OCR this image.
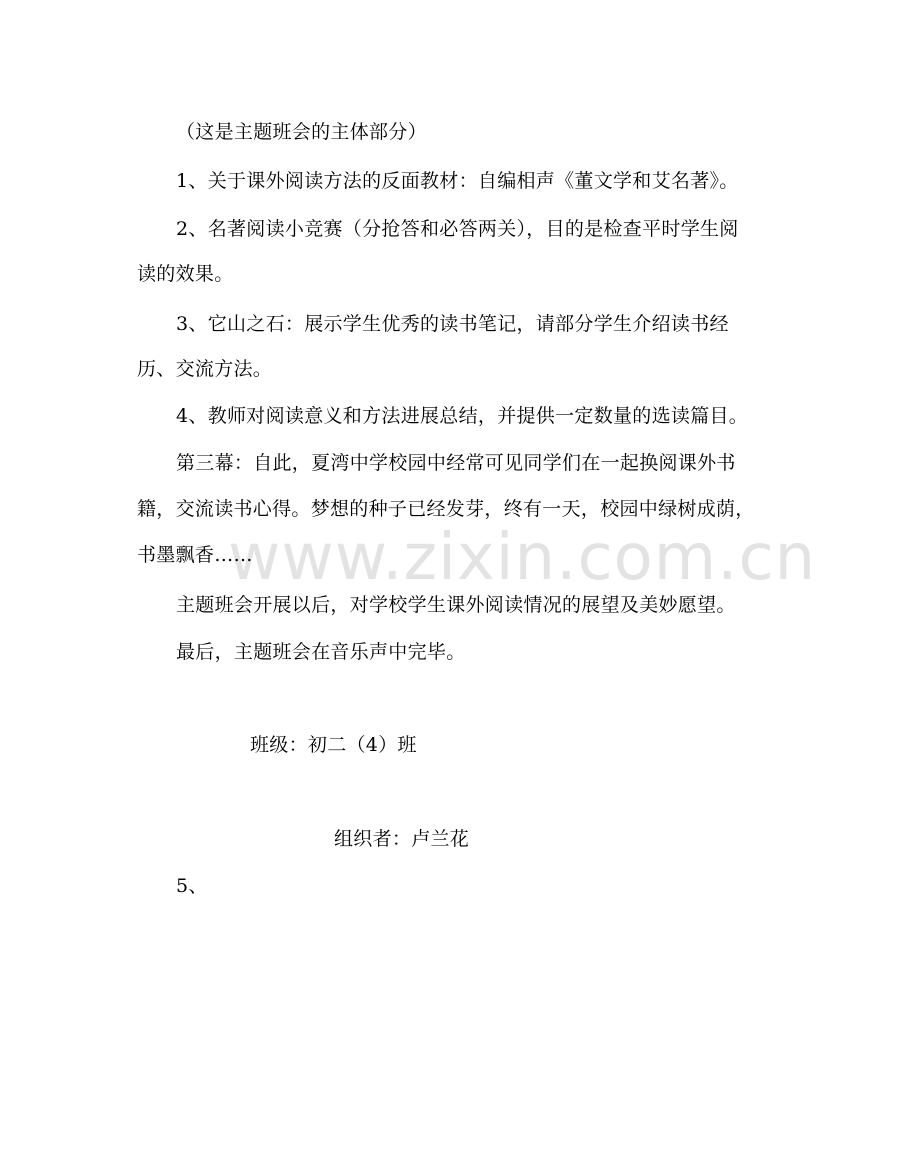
www.zixin.com.cn
（这是主题班会的主体部分）
1、关于课外阅读方法的反面教材：自编相声《董文学和艾名著》。
2、名著阅读小竞赛（分抢答和必答两关），目的是检查平时学生阅
读的效果。
3、它山之石：展示学生优秀的读书笔记，请部分学生介绍读书经
历、交流方法。
4、教师对阅读意义和方法进展总结，并提供一定数量的选读篇目。
第三幕：自此，夏湾中学校园中经常可见同学们在一起换阅课外书
籍，交流读书心得。梦想的种子已经发芽，终有一天，校园中绿树成荫，
书墨飘香……
主题班会开展以后，对学校学生课外阅读情况的展望及美妙愿望。
最后，主题班会在音乐声中完毕。
班级：初二（4）班
组织者：卢兰花
5、
